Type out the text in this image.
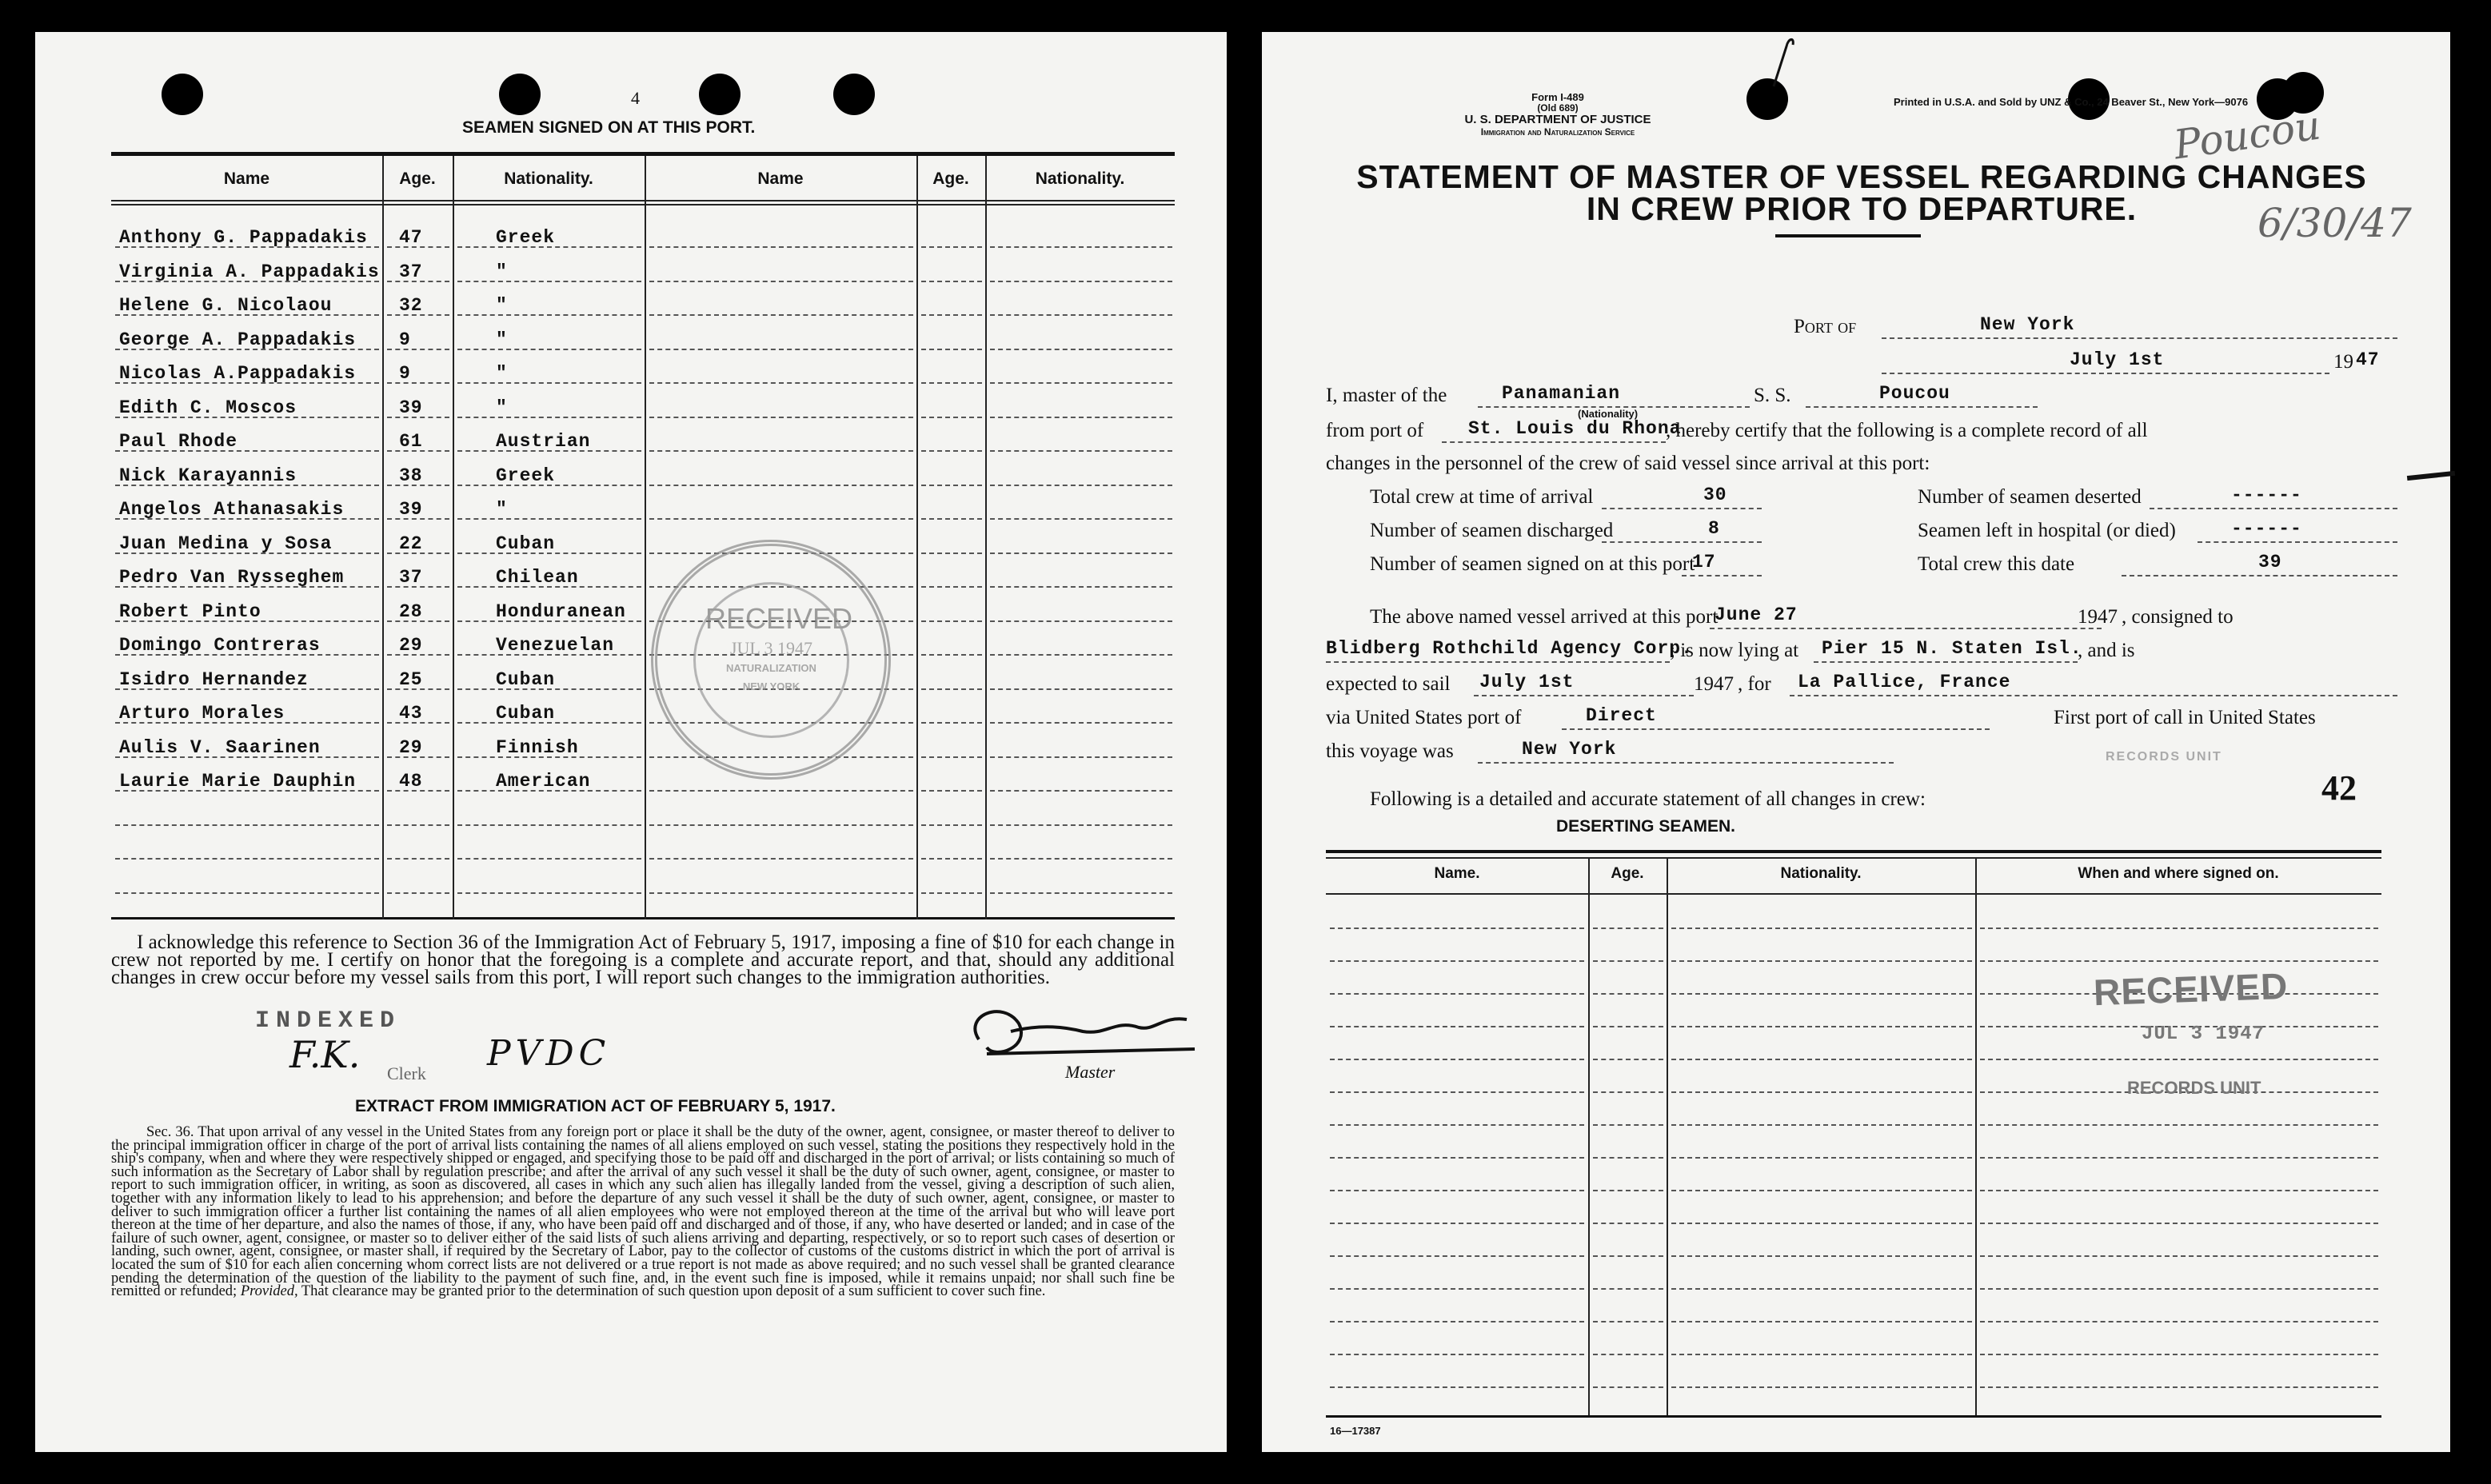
4
SEAMEN SIGNED ON AT THIS PORT.
Name	Age.	Nationality.	Name	Age.	Nationality.
Anthony G. Pappadakis 47	Greek
Virginia A. Pappadakis 37	"
Helene G. Nicolaou	32	"
George A. Pappadakis 9	"
Nicolas A.Pappadakis 9	"
Edith C. Moscos	39	"
Paul Rhode	61	Austrian
Nick Karayannis	38	Greek
Angelos Athanasakis	39	"
Juan Medina y Sosa	22	Cuban
Pedro Van Rysseghem	37	Chilean
Robert Pinto	28	Honduranean
Domingo Contreras	29	Venezuelan
Isidro Hernandez	25	Cuban
Arturo Morales	43	Cuban
Aulis V. Saarinen	29	Finnish
Laurie Marie Dauphin 48	American
RECEIVED
JUL 3 1947
NATURALIZATION
NEW YORK
I acknowledge this reference to Section 36 of the Immigration Act of February 5, 1917, imposing a fine of $10 for each change in crew not reported by me. I certify on honor that the foregoing is a complete and accurate report, and that, should any additional changes in crew occur before my vessel sails from this port, I will report such changes to the immigration authorities.
INDEXED
F.K. Clerk PVDC	Master
EXTRACT FROM IMMIGRATION ACT OF FEBRUARY 5, 1917.
Sec. 36. That upon arrival of any vessel in the United States from any foreign port or place it shall be the duty of the owner, agent, consignee, or master thereof to deliver to the principal immigration officer in charge of the port of arrival lists containing the names of all aliens employed on such vessel, stating the positions they respectively hold in the ship's company, when and where they were respectively shipped or engaged, and specifying those to be paid off and discharged in the port of arrival; or lists containing so much of such information as the Secretary of Labor shall by regulation prescribe; and after the arrival of any such vessel it shall be the duty of such owner, agent, consignee, or master to report to such immigration officer, in writing, as soon as discovered, all cases in which any such alien has illegally landed from the vessel, giving a description of such alien, together with any information likely to lead to his apprehension; and before the departure of any such vessel it shall be the duty of such owner, agent, consignee, or master to deliver to such immigration officer a further list containing the names of all alien employees who were not employed thereon at the time of the arrival but who will leave port thereon at the time of her departure, and also the names of those, if any, who have been paid off and discharged and of those, if any, who have deserted or landed; and in case of the failure of such owner, agent, consignee, or master so to deliver either of the said lists of such aliens arriving and departing, respectively, or so to report such cases of desertion or landing, such owner, agent, consignee, or master shall, if required by the Secretary of Labor, pay to the collector of customs of the customs district in which the port of arrival is located the sum of $10 for each alien concerning whom correct lists are not delivered or a true report is not made as above required; and no such vessel shall be granted clearance pending the determination of the question of the liability to the payment of such fine, and, in the event such fine is imposed, while it remains unpaid; nor shall such fine be remitted or refunded; Provided, That clearance may be granted prior to the determination of such question upon deposit of a sum sufficient to cover such fine.
Form I-489
(Old 689)
U. S. DEPARTMENT OF JUSTICE
Immigration and Naturalization Service
Printed in U.S.A. and Sold by UNZ & Co., 24 Beaver St., New York—9076
Poucou
6/30/47
STATEMENT OF MASTER OF VESSEL REGARDING CHANGES
IN CREW PRIOR TO DEPARTURE.
Port of	New York
July 1st	19 47
I, master of the	Panamanian
(Nationality)
S. S.	Poucou
from port of St. Louis du Rhona
, hereby certify that the following is a complete record of all
changes in the personnel of the crew of said vessel since arrival at this port:
Total crew at time of arrival	30	Number of seamen deserted	------
Number of seamen discharged	8	Seamen left in hospital (or died)	------
Number of seamen signed on at this port
17	Total crew this date	39
The above named vessel arrived at this port
June 27	1947 , consigned to
Blidberg Rothchild Agency Corp.
; is now lying at Pier 15 N. Staten Isl.
, and is
expected to sail July 1st	1947 , for La Pallice, France
via United States port of	Direct	First port of call in United States
this voyage was	New York	RECORDS UNIT
42
Following is a detailed and accurate statement of all changes in crew:
DESERTING SEAMEN.
Name.	Age.	Nationality.	When and where signed on.
RECEIVED
JUL 3 1947
RECORDS UNIT
16—17387
